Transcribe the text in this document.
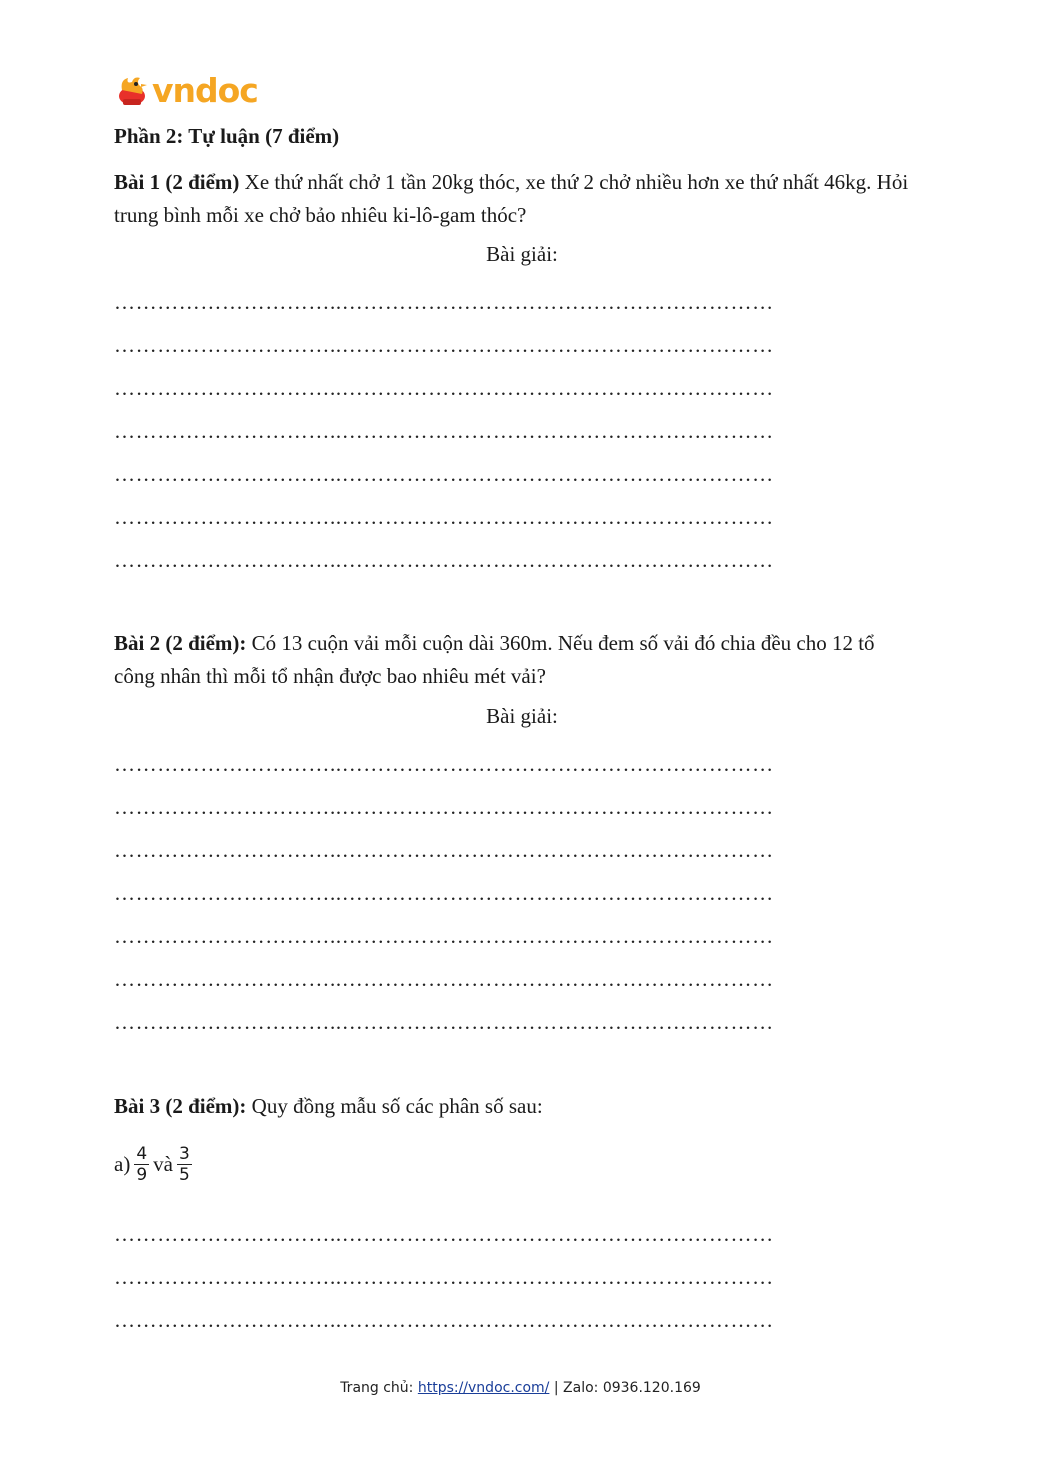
vndoc
Phần 2: Tự luận (7 điểm)
Bài 1 (2 điểm) Xe thứ nhất chở 1 tần 20kg thóc, xe thứ 2 chở nhiều hơn xe thứ nhất 46kg. Hỏi trung bình mỗi xe chở bảo nhiêu ki-lô-gam thóc?
Bài giải:
…………………………..……………………………………………………
…………………………..……………………………………………………
…………………………..……………………………………………………
…………………………..……………………………………………………
…………………………..……………………………………………………
…………………………..……………………………………………………
…………………………..……………………………………………………
Bài 2 (2 điểm): Có 13 cuộn vải mỗi cuộn dài 360m. Nếu đem số vải đó chia đều cho 12 tổ công nhân thì mỗi tổ nhận được bao nhiêu mét vải?
Bài giải:
…………………………..……………………………………………………
…………………………..……………………………………………………
…………………………..……………………………………………………
…………………………..……………………………………………………
…………………………..……………………………………………………
…………………………..……………………………………………………
…………………………..……………………………………………………
Bài 3 (2 điểm): Quy đồng mẫu số các phân số sau:
$a) \frac{4}{9}$ và $\frac{3}{5}$
…………………………..……………………………………………………
…………………………..……………………………………………………
…………………………..……………………………………………………
Trang chủ: https://vndoc.com/ | Zalo: 0936.120.169
